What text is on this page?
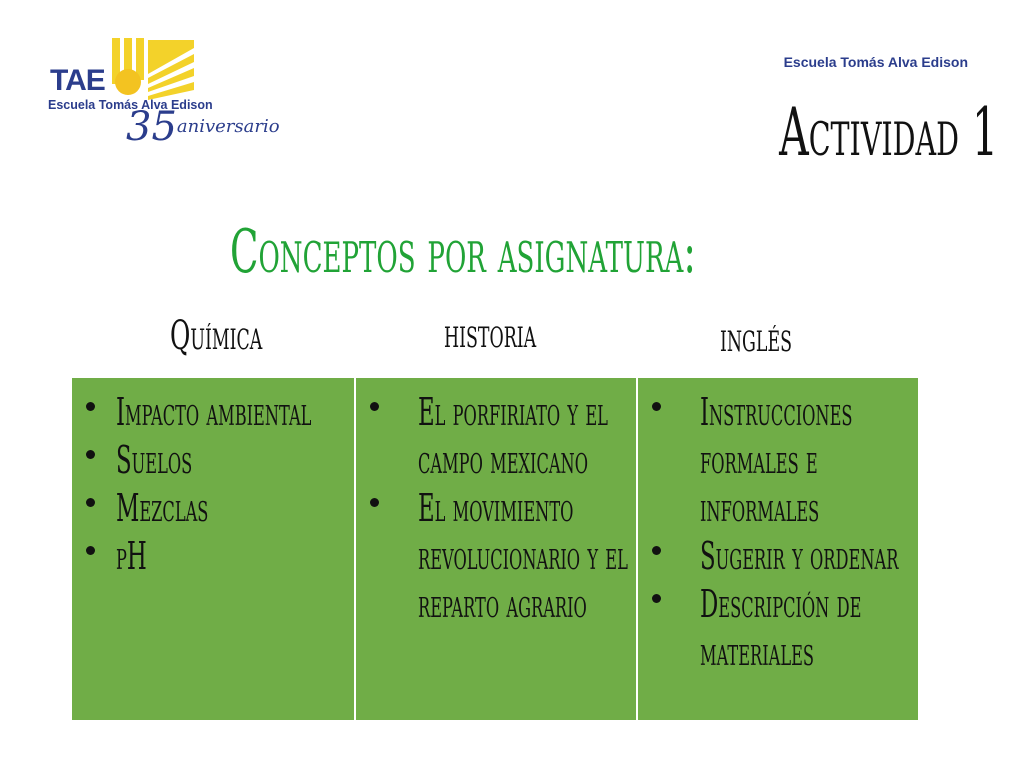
TAE
Escuela Tomás Alva Edison
35aniversario
Escuela Tomás Alva Edison
Actividad 1
Conceptos por asignatura:
Química	historia	inglés
Impacto ambiental
Suelos
Mezclas
pH
El porfiriato y el campo mexicano
El movimiento revolucionario y el reparto agrario
Instrucciones formales e informales
Sugerir y ordenar
Descripción de materiales
